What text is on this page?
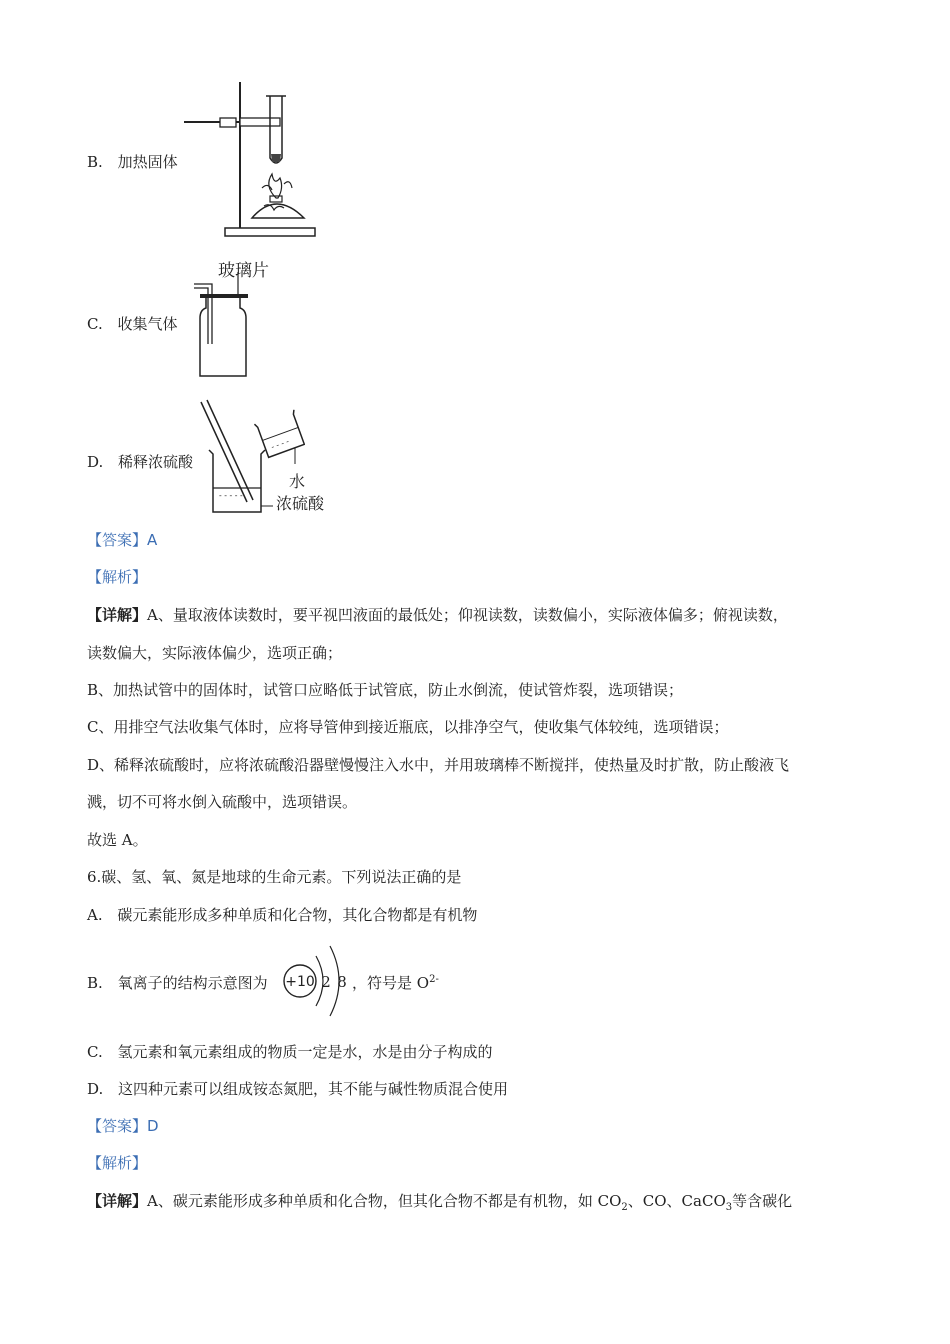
B. 加热固体
C. 收集气体
玻璃片
D. 稀释浓硫酸
- - - - -
- - - -
水
浓硫酸
【答案】A
【解析】
【详解】A、量取液体读数时，要平视凹液面的最低处；仰视读数，读数偏小，实际液体偏多；俯视读数，
读数偏大，实际液体偏少，选项正确；
B、加热试管中的固体时，试管口应略低于试管底，防止水倒流，使试管炸裂，选项错误；
C、用排空气法收集气体时，应将导管伸到接近瓶底，以排净空气，使收集气体较纯，选项错误；
D、稀释浓硫酸时，应将浓硫酸沿器壁慢慢注入水中，并用玻璃棒不断搅拌，使热量及时扩散，防止酸液飞
溅，切不可将水倒入硫酸中，选项错误。
故选 A。
6.碳、氢、氧、氮是地球的生命元素。下列说法正确的是
A. 碳元素能形成多种单质和化合物，其化合物都是有机物
B. 氧离子的结构示意图为 +10 2 8 ，符号是 $O^{2-}$
C. 氢元素和氧元素组成的物质一定是水，水是由分子构成的
D. 这四种元素可以组成铵态氮肥，其不能与碱性物质混合使用
【答案】D
【解析】
【详解】A、碳元素能形成多种单质和化合物，但其化合物不都是有机物，如 $CO_2$、CO、CaCO$_3$等含碳化
